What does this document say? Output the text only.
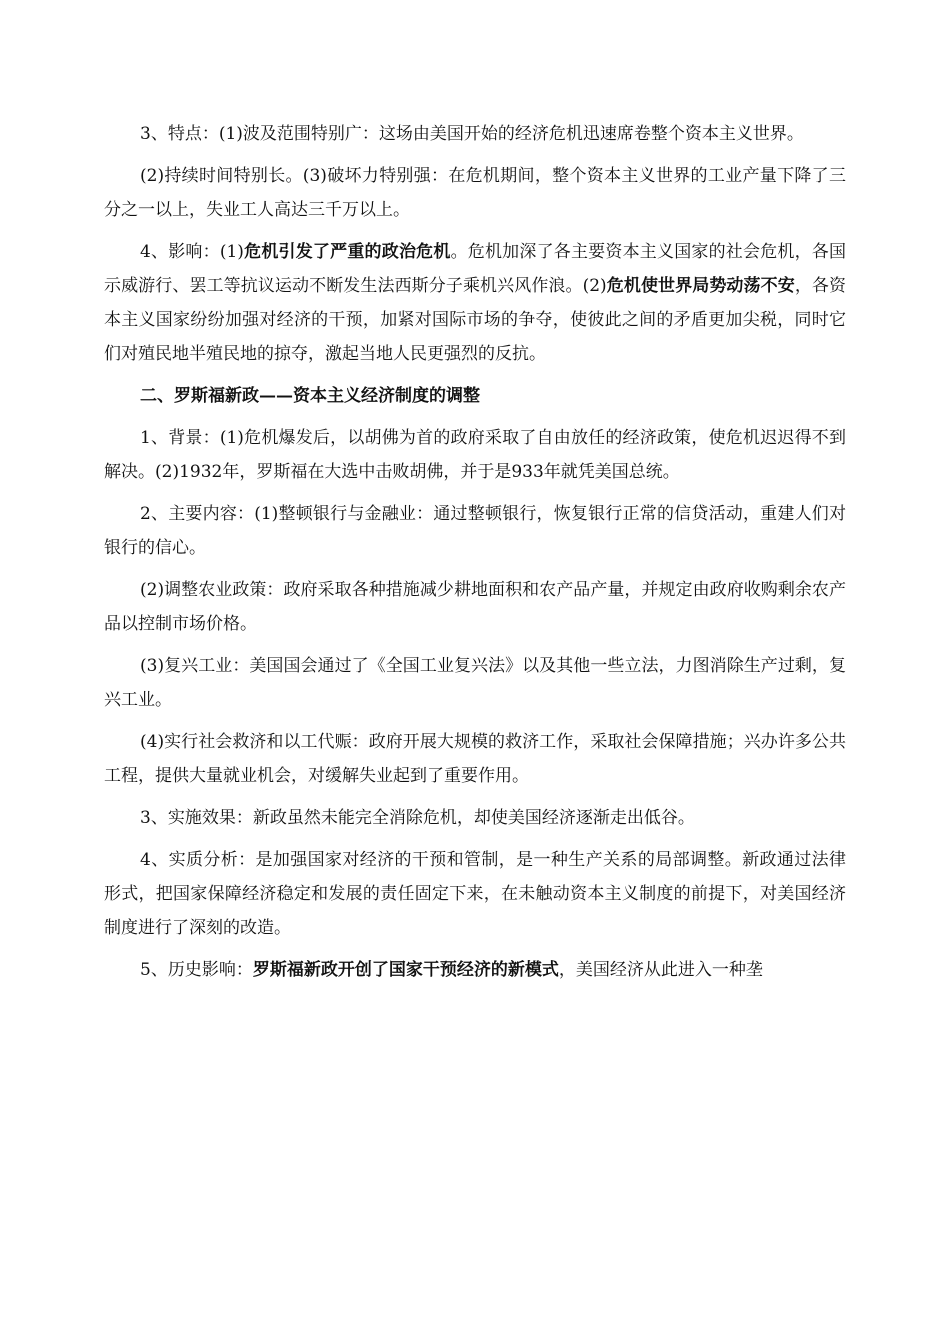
3、特点：(1)波及范围特别广：这场由美国开始的经济危机迅速席卷整个资本主义世界。

(2)持续时间特别长。(3)破坏力特别强：在危机期间，整个资本主义世界的工业产量下降了三分之一以上，失业工人高达三千万以上。

4、影响：(1)危机引发了严重的政治危机。危机加深了各主要资本主义国家的社会危机，各国示威游行、罢工等抗议运动不断发生法西斯分子乘机兴风作浪。(2)危机使世界局势动荡不安，各资本主义国家纷纷加强对经济的干预，加紧对国际市场的争夺，使彼此之间的矛盾更加尖税，同时它们对殖民地半殖民地的掠夺，激起当地人民更强烈的反抗。

二、罗斯福新政——资本主义经济制度的调整

1、背景：(1)危机爆发后，以胡佛为首的政府采取了自由放任的经济政策，使危机迟迟得不到解决。(2)1932年，罗斯福在大选中击败胡佛，并于是933年就凭美国总统。

2、主要内容：(1)整顿银行与金融业：通过整顿银行，恢复银行正常的信贷活动，重建人们对银行的信心。

(2)调整农业政策：政府采取各种措施减少耕地面积和农产品产量，并规定由政府收购剩余农产品以控制市场价格。

(3)复兴工业：美国国会通过了《全国工业复兴法》以及其他一些立法，力图消除生产过剩，复兴工业。

(4)实行社会救济和以工代赈：政府开展大规模的救济工作，采取社会保障措施；兴办许多公共工程，提供大量就业机会，对缓解失业起到了重要作用。

3、实施效果：新政虽然未能完全消除危机，却使美国经济逐渐走出低谷。

4、实质分析：是加强国家对经济的干预和管制，是一种生产关系的局部调整。新政通过法律形式，把国家保障经济稳定和发展的责任固定下来，在未触动资本主义制度的前提下，对美国经济制度进行了深刻的改造。

5、历史影响：罗斯福新政开创了国家干预经济的新模式，美国经济从此进入一种垄
